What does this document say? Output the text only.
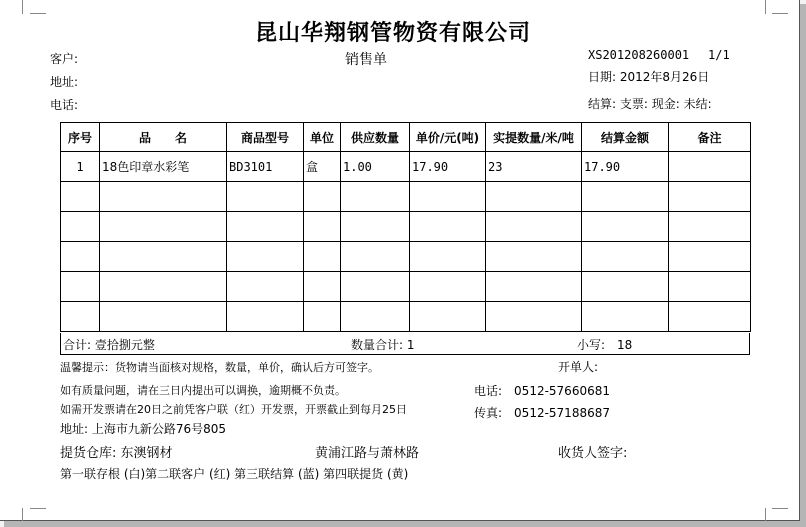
昆山华翔钢管物资有限公司
销售单	XS201208260001 1/1
客户:
地址:	日期: 2012年8月26日
电话:	结算: 支票: 现金: 未结:
序号	品　　名	商品型号	单位	供应数量	单价/元(吨)	实提数量/米/吨	结算金额	备注
1	18色印章水彩笔	BD3101	盒	1.00	17.90	23	17.90	

合计: 壹拾捌元整	数量合计: 1	小写:　18
温馨提示：货物请当面核对规格，数量，单价，确认后方可签字。	开单人:
如有质量问题，请在三日内提出可以调换，逾期概不负责。	电话:　0512-57660681
如需开发票请在20日之前凭客户联（红）开发票，开票截止到每月25日	传真:　0512-57188687
地址: 上海市九新公路76号805
提货仓库: 东澳钢材	黄浦江路与萧林路	收货人签字:
第一联存根 (白)第二联客户 (红) 第三联结算 (蓝) 第四联提货 (黄)
